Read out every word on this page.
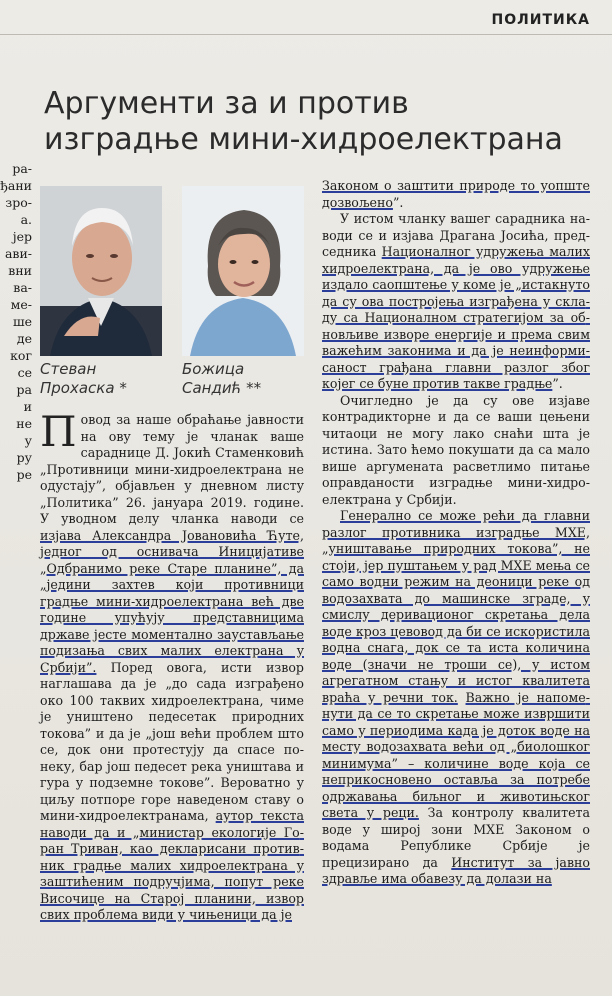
ПОЛИТИКА
Аргументи за и против
изградње мини-хидроелектрана
ра-
ђани
зро-
а.
јер
ави-
вни
ва-
ме-
ше
де
ког
се
ра
и
не
у
ру
ре
Стеван
Прохаска *
Божица
Сандић **

Повод за наше обраћање јавности на ову тему је чланак ваше сараднице Д. Јокић Стаменковић „Противници мини-хидроелектрана не одустају”, објављен у дневном листу „Политика” 26. јануара 2019. године. У уводном делу чланка наводи се изјава Александра Јовановића Ћуте, једног од оснивача Иницијативе „Одбранимо реке Старе планине”, да „једини захтев који противници градње мини-хидроелектрана већ две године упућују представницима државе јесте моментално заустављање подизања свих малих електрана у Србији”. Поред овога, исти извор наглашава да је „до сада изграђено око 100 таквих хидроелектрана, чиме је уништено педесетак природних токова” и да је „још већи проблем што се, док они протестују да спасе понеку, бар још педесет река уништава и гура у подземне токове”. Вероватно у циљу потпоре горе наведеном ставу о мини-хидроелектранама, аутор текста наводи да и „министар екологије Горан Триван, као декларисани противник градње малих хидроелектрана у заштићеним подручјима, попут реке Височице на Старој планини, извор свих проблема види у чињеници да је

Законом о заштити природе то уопште дозвољено”.

У истом чланку вашег сарадника наводи се и изјава Драгана Јосића, председника Националног удружења малих хидроелектрана, да је ово удружење издало саопштење у коме је „истакнуто да су ова постројења изграђена у складу са Националном стратегијом за обновљиве изворе енергије и према свим важећим законима и да је неинформисаност грађана главни разлог због којег се буне против такве градње”.

Очигледно је да су ове изјаве контрадикторне и да се ваши цењени читаоци не могу лако снаћи шта је истина. Зато ћемо покушати да са мало више аргумената расветлимо питање оправданости изградње мини-хидроелектрана у Србији.

Генерално се може рећи да главни разлог противника изградње МХЕ, „уништавање природних токова”, не стоји, јер пуштањем у рад МХЕ мења се само водни режим на деоници реке од водозахвата до машинске зграде, у смислу деривационог скретања дела воде кроз цевовод да би се искористила водна снага, док се та иста количина воде (значи не троши се), у истом агрегатном стању и истог квалитета враћа у речни ток. Важно је напоменути да се то скретање може извршити само у периодима када је доток воде на месту водозахвата већи од „биолошког минимума” – количине воде која се неприкосновено оставља за потребе одржавања биљног и животињског света у реци. За контролу квалитета воде у широј зони МХЕ Законом о водама Републике Србије је прецизирано да Институт за јавно здравље има обавезу да долази на
